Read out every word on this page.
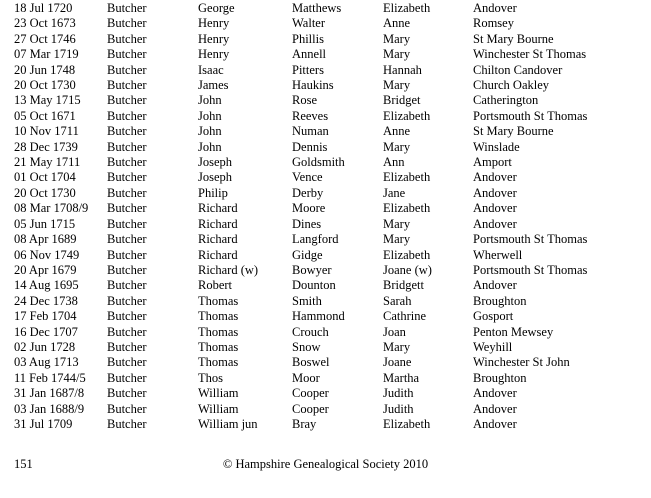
18 Jul 1720	Butcher	George	Matthews	Elizabeth	Andover
23 Oct 1673	Butcher	Henry	Walter	Anne	Romsey
27 Oct 1746	Butcher	Henry	Phillis	Mary	St Mary Bourne
07 Mar 1719	Butcher	Henry	Annell	Mary	Winchester St Thomas
20 Jun 1748	Butcher	Isaac	Pitters	Hannah	Chilton Candover
20 Oct 1730	Butcher	James	Haukins	Mary	Church Oakley
13 May 1715	Butcher	John	Rose	Bridget	Catherington
05 Oct 1671	Butcher	John	Reeves	Elizabeth	Portsmouth St Thomas
10 Nov 1711	Butcher	John	Numan	Anne	St Mary Bourne
28 Dec 1739	Butcher	John	Dennis	Mary	Winslade
21 May 1711	Butcher	Joseph	Goldsmith	Ann	Amport
01 Oct 1704	Butcher	Joseph	Vence	Elizabeth	Andover
20 Oct 1730	Butcher	Philip	Derby	Jane	Andover
08 Mar 1708/9	Butcher	Richard	Moore	Elizabeth	Andover
05 Jun 1715	Butcher	Richard	Dines	Mary	Andover
08 Apr 1689	Butcher	Richard	Langford	Mary	Portsmouth St Thomas
06 Nov 1749	Butcher	Richard	Gidge	Elizabeth	Wherwell
20 Apr 1679	Butcher	Richard (w)	Bowyer	Joane (w)	Portsmouth St Thomas
14 Aug 1695	Butcher	Robert	Dounton	Bridgett	Andover
24 Dec 1738	Butcher	Thomas	Smith	Sarah	Broughton
17 Feb 1704	Butcher	Thomas	Hammond	Cathrine	Gosport
16 Dec 1707	Butcher	Thomas	Crouch	Joan	Penton Mewsey
02 Jun 1728	Butcher	Thomas	Snow	Mary	Weyhill
03 Aug 1713	Butcher	Thomas	Boswel	Joane	Winchester St John
11 Feb 1744/5	Butcher	Thos	Moor	Martha	Broughton
31 Jan 1687/8	Butcher	William	Cooper	Judith	Andover
03 Jan 1688/9	Butcher	William	Cooper	Judith	Andover
31 Jul 1709	Butcher	William jun	Bray	Elizabeth	Andover
151	© Hampshire Genealogical Society 2010
